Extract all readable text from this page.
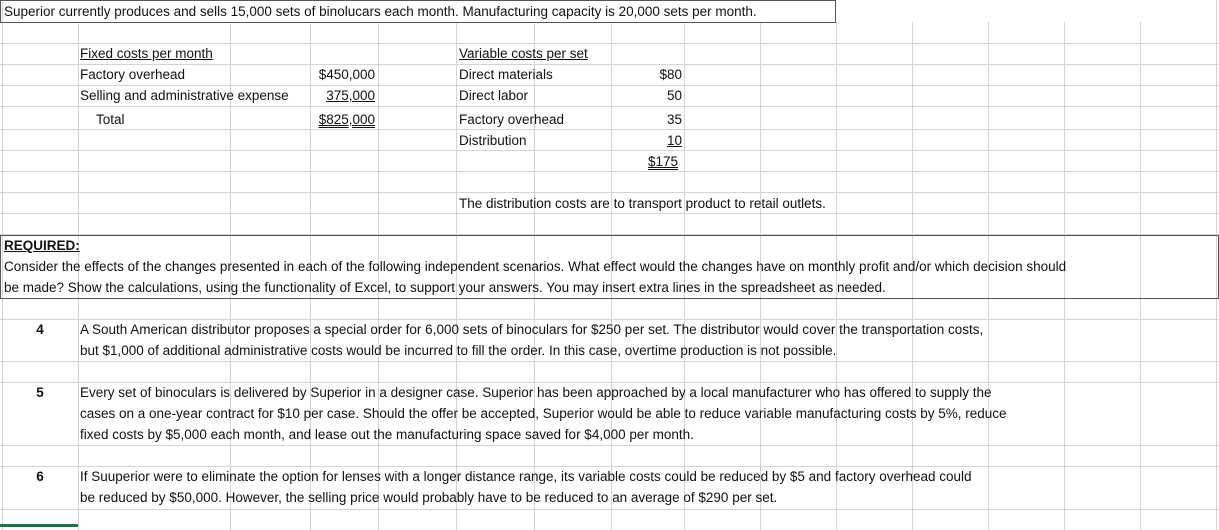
Superior currently produces and sells 15,000 sets of binolucars each month. Manufacturing capacity is 20,000 sets per month.
Fixed costs per month
Factory overhead	$450,000
Selling and administrative expense	375,000
Total	$825,000
Variable costs per set
Direct materials	$80
Direct labor	50
Factory overhead	35
Distribution	10
$175
The distribution costs are to transport product to retail outlets.
REQUIRED:
Consider the effects of the changes presented in each of the following independent scenarios. What effect would the changes have on monthly profit and/or which decision should
be made? Show the calculations, using the functionality of Excel, to support your answers. You may insert extra lines in the spreadsheet as needed.
4	A South American distributor proposes a special order for 6,000 sets of binoculars for $250 per set. The distributor would cover the transportation costs,
but $1,000 of additional administrative costs would be incurred to fill the order. In this case, overtime production is not possible.
5	Every set of binoculars is delivered by Superior in a designer case. Superior has been approached by a local manufacturer who has offered to supply the
cases on a one-year contract for $10 per case. Should the offer be accepted, Superior would be able to reduce variable manufacturing costs by 5%, reduce
fixed costs by $5,000 each month, and lease out the manufacturing space saved for $4,000 per month.
6	If Suuperior were to eliminate the option for lenses with a longer distance range, its variable costs could be reduced by $5 and factory overhead could
be reduced by $50,000. However, the selling price would probably have to be reduced to an average of $290 per set.
